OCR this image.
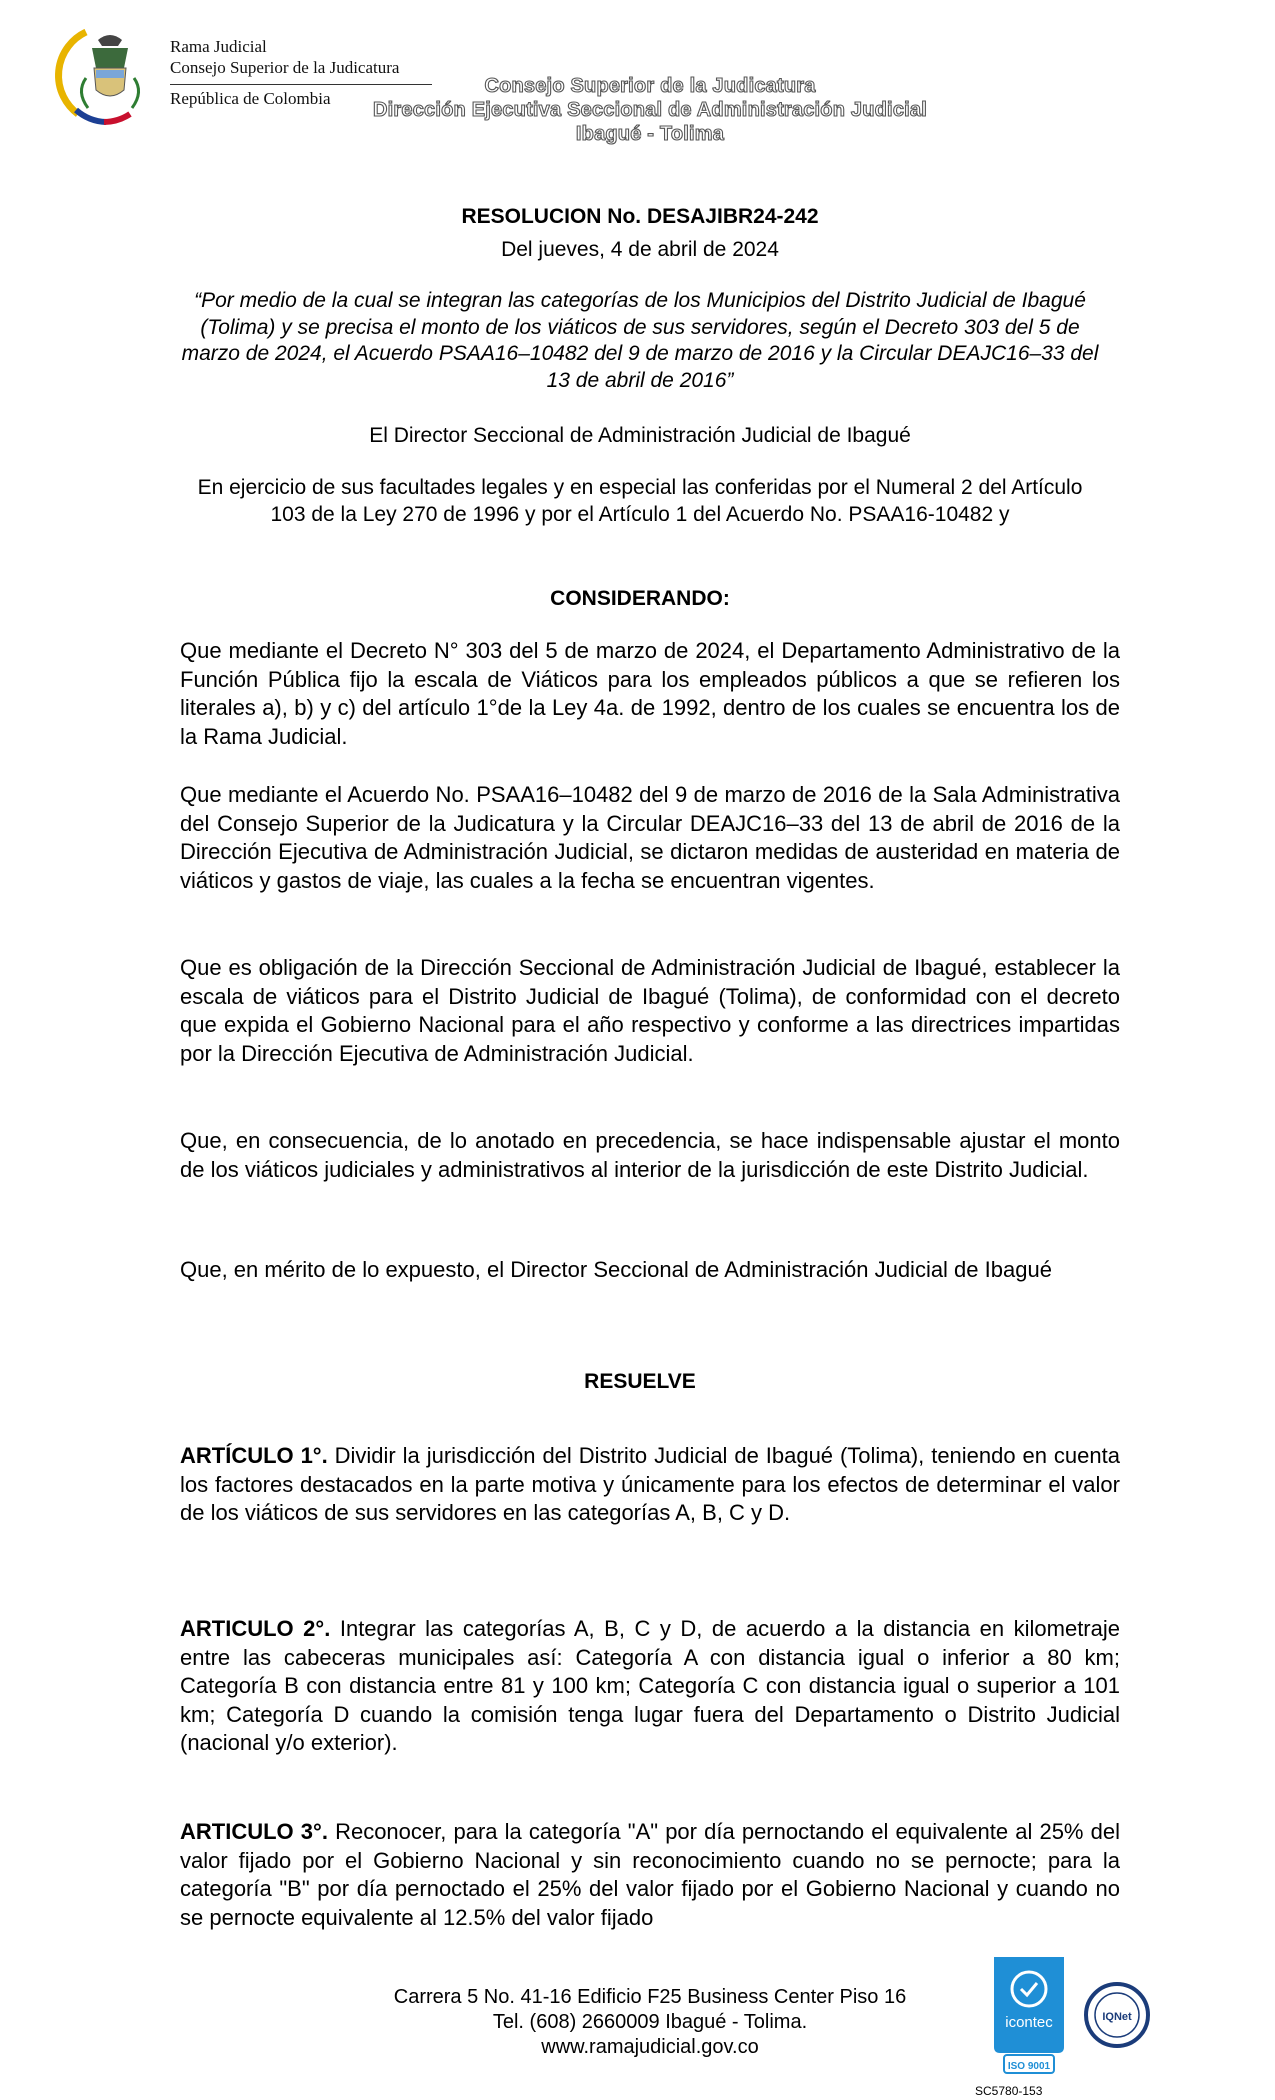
Rama Judicial
Consejo Superior de la Judicatura
República de Colombia
Consejo Superior de la Judicatura
Dirección Ejecutiva Seccional de Administración Judicial
Ibagué - Tolima
RESOLUCION No. DESAJIBR24-242
Del jueves, 4 de abril de 2024
“Por medio de la cual se integran las categorías de los Municipios del Distrito Judicial de Ibagué (Tolima) y se precisa el monto de los viáticos de sus servidores, según el Decreto 303 del 5 de marzo de 2024, el Acuerdo PSAA16–10482 del 9 de marzo de 2016 y la Circular DEAJC16–33 del 13 de abril de 2016”
El Director Seccional de Administración Judicial de Ibagué
En ejercicio de sus facultades legales y en especial las conferidas por el Numeral 2 del Artículo 103 de la Ley 270 de 1996 y por el Artículo 1 del Acuerdo No. PSAA16-10482 y
CONSIDERANDO:
Que mediante el Decreto N° 303 del 5 de marzo de 2024, el Departamento Administrativo de la Función Pública fijo la escala de Viáticos para los empleados públicos a que se refieren los literales a), b) y c) del artículo 1°de la Ley 4a. de 1992, dentro de los cuales se encuentra los de la Rama Judicial.
Que mediante el Acuerdo No. PSAA16–10482 del 9 de marzo de 2016 de la Sala Administrativa del Consejo Superior de la Judicatura y la Circular DEAJC16–33 del 13 de abril de 2016 de la Dirección Ejecutiva de Administración Judicial, se dictaron medidas de austeridad en materia de viáticos y gastos de viaje, las cuales a la fecha se encuentran vigentes.
Que es obligación de la Dirección Seccional de Administración Judicial de Ibagué, establecer la escala de viáticos para el Distrito Judicial de Ibagué (Tolima), de conformidad con el decreto que expida el Gobierno Nacional para el año respectivo y conforme a las directrices impartidas por la Dirección Ejecutiva de Administración Judicial.
Que, en consecuencia, de lo anotado en precedencia, se hace indispensable ajustar el monto de los viáticos judiciales y administrativos al interior de la jurisdicción de este Distrito Judicial.
Que, en mérito de lo expuesto, el Director Seccional de Administración Judicial de Ibagué
RESUELVE
ARTÍCULO 1°. Dividir la jurisdicción del Distrito Judicial de Ibagué (Tolima), teniendo en cuenta los factores destacados en la parte motiva y únicamente para los efectos de determinar el valor de los viáticos de sus servidores en las categorías A, B, C y D.
ARTICULO 2°. Integrar las categorías A, B, C y D, de acuerdo a la distancia en kilometraje entre las cabeceras municipales así: Categoría A con distancia igual o inferior a 80 km; Categoría B con distancia entre 81 y 100 km; Categoría C con distancia igual o superior a 101 km; Categoría D cuando la comisión tenga lugar fuera del Departamento o Distrito Judicial (nacional y/o exterior).
ARTICULO 3°. Reconocer, para la categoría "A" por día pernoctando el equivalente al 25% del valor fijado por el Gobierno Nacional y sin reconocimiento cuando no se pernocte; para la categoría "B" por día pernoctado el 25% del valor fijado por el Gobierno Nacional y cuando no se pernocte equivalente al 12.5% del valor fijado
Carrera 5 No. 41-16 Edificio F25 Business Center Piso 16
Tel. (608) 2660009 Ibagué - Tolima.
www.ramajudicial.gov.co
icontec
ISO 9001
IQNet
SC5780-153
